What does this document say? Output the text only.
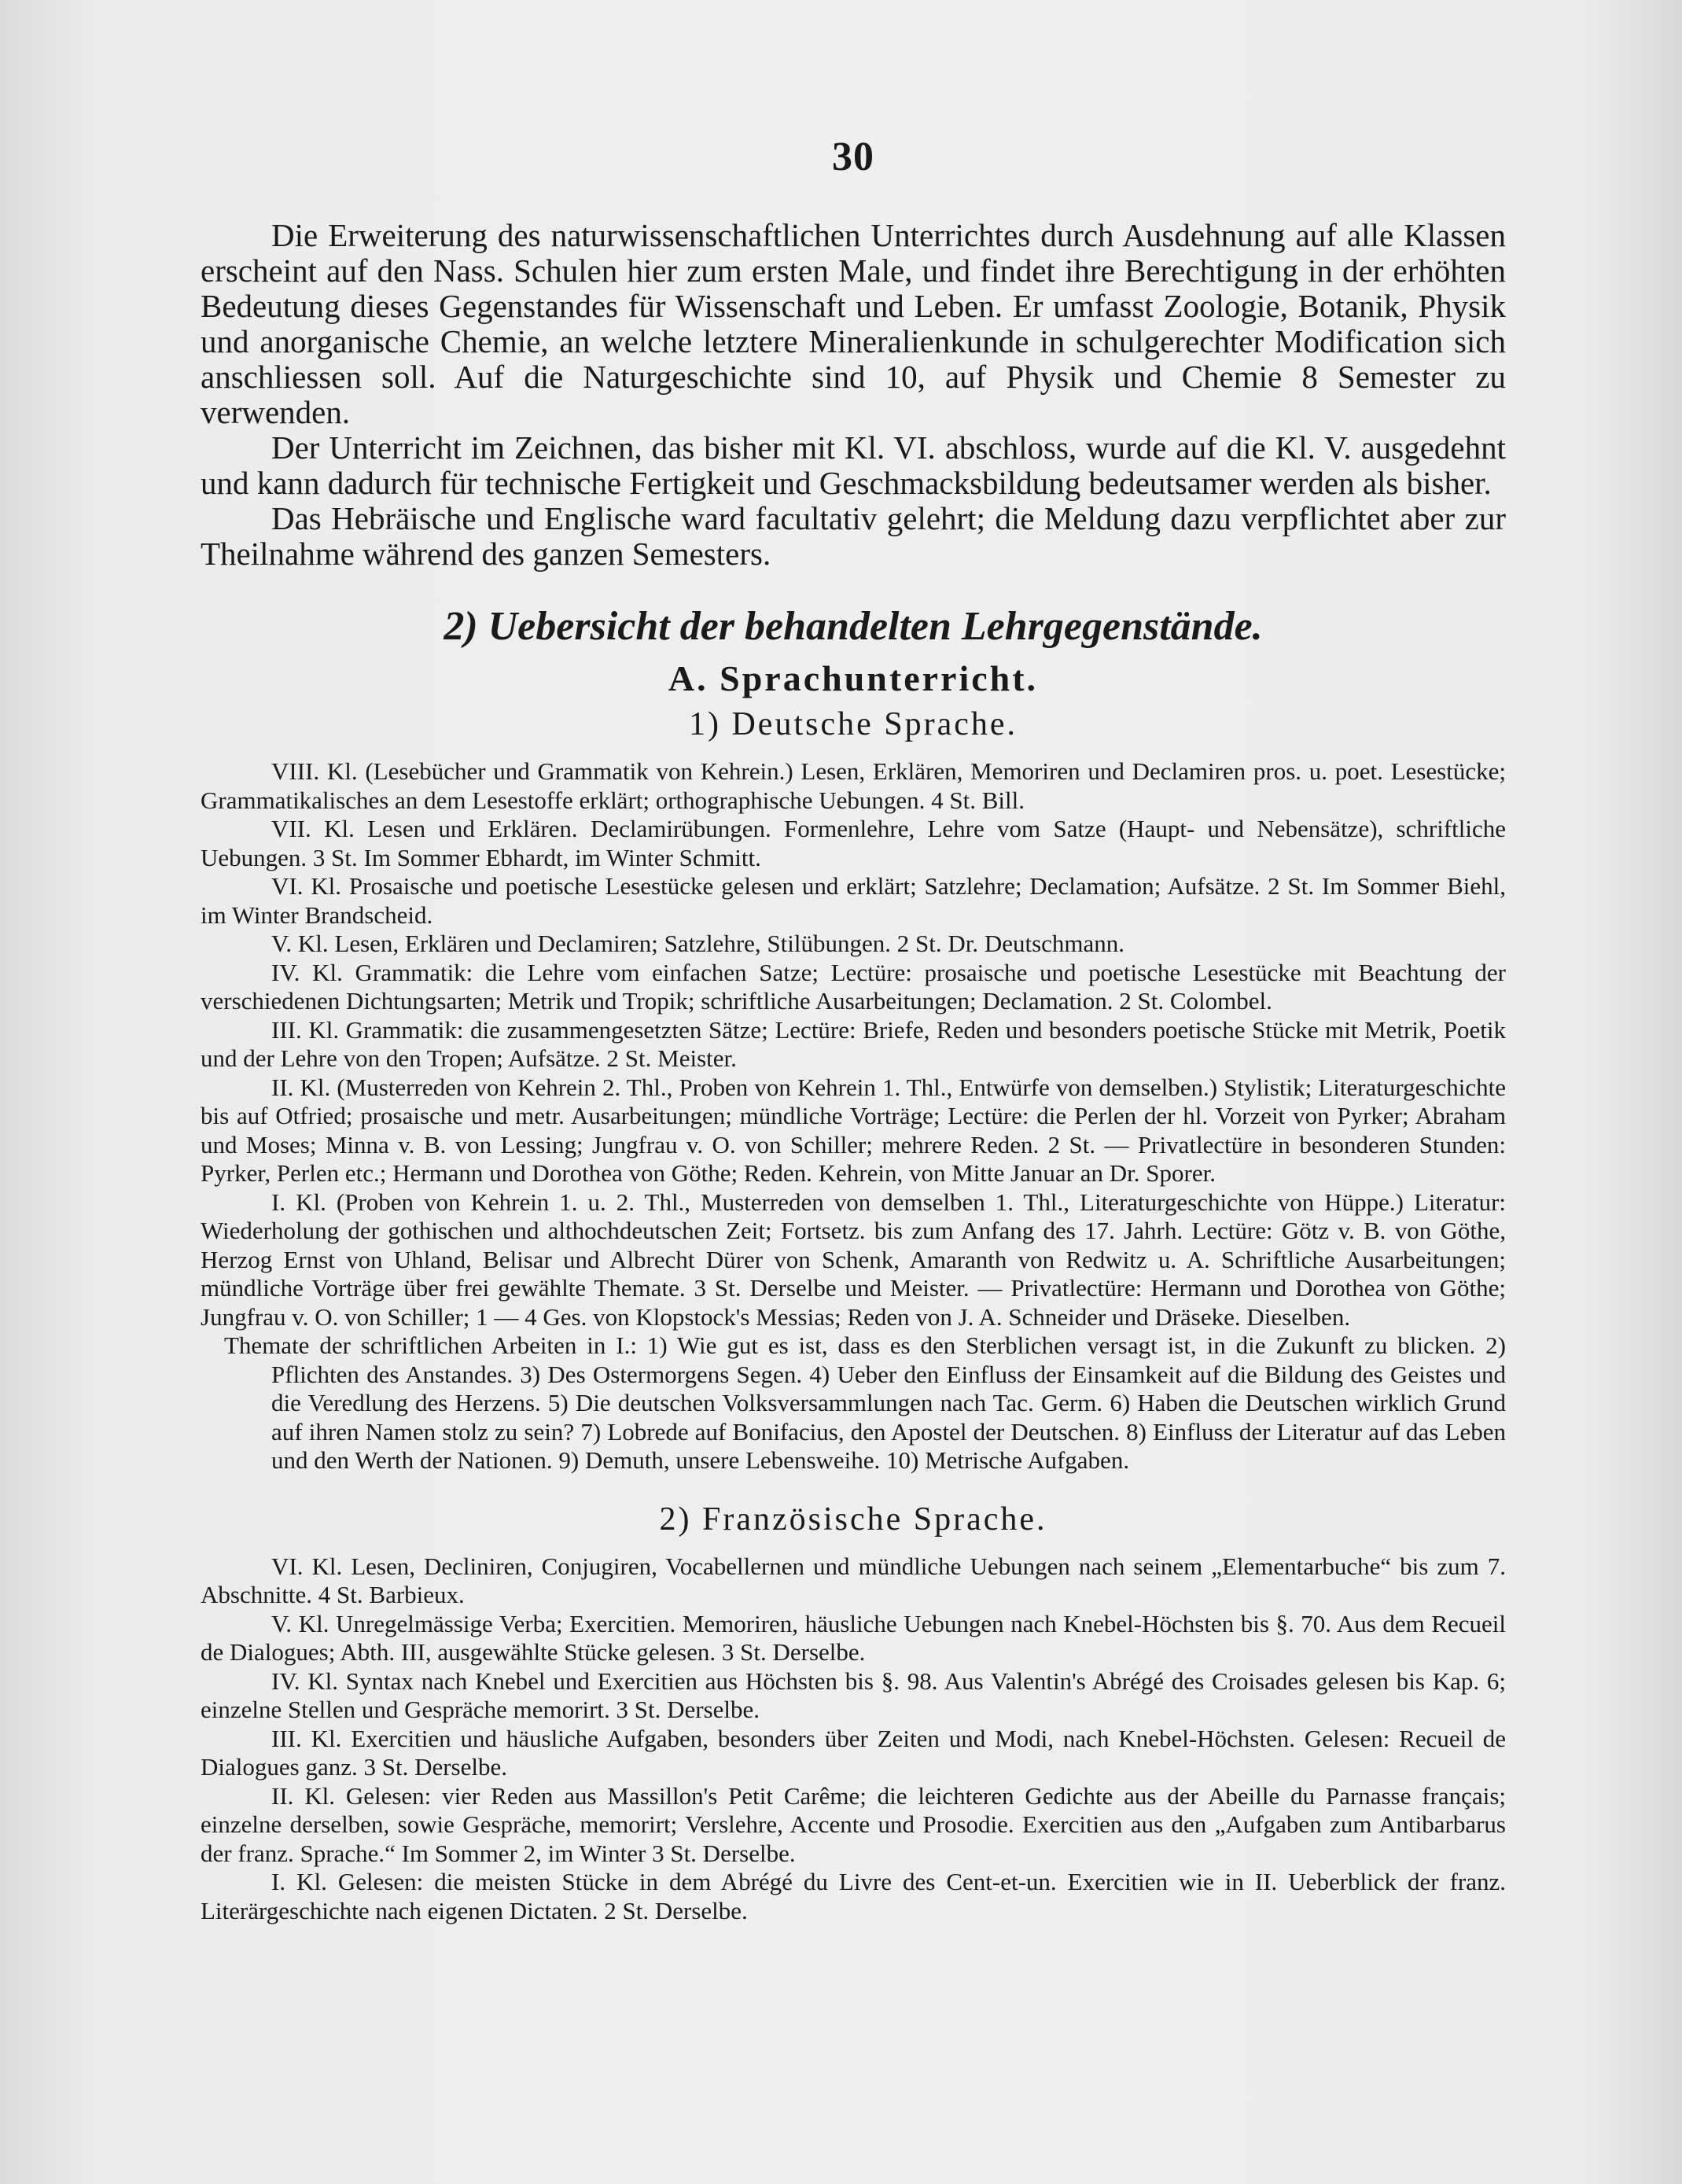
30

Die Erweiterung des naturwissenschaftlichen Unterrichtes durch Ausdehnung auf alle Klassen erscheint auf den Nass. Schulen hier zum ersten Male, und findet ihre Berechtigung in der erhöhten Bedeutung dieses Gegenstandes für Wissenschaft und Leben. Er umfasst Zoologie, Botanik, Physik und anorganische Chemie, an welche letztere Mineralienkunde in schulgerechter Modification sich anschliessen soll. Auf die Naturgeschichte sind 10, auf Physik und Chemie 8 Semester zu verwenden.

Der Unterricht im Zeichnen, das bisher mit Kl. VI. abschloss, wurde auf die Kl. V. ausgedehnt und kann dadurch für technische Fertigkeit und Geschmacksbildung bedeutsamer werden als bisher.

Das Hebräische und Englische ward facultativ gelehrt; die Meldung dazu verpflichtet aber zur Theilnahme während des ganzen Semesters.

2) Uebersicht der behandelten Lehrgegenstände.
A. Sprachunterricht.
1) Deutsche Sprache.

VIII. Kl. (Lesebücher und Grammatik von Kehrein.) Lesen, Erklären, Memoriren und Declamiren pros. u. poet. Lesestücke; Grammatikalisches an dem Lesestoffe erklärt; orthographische Uebungen. 4 St. Bill.

VII. Kl. Lesen und Erklären. Declamirübungen. Formenlehre, Lehre vom Satze (Haupt- und Nebensätze), schriftliche Uebungen. 3 St. Im Sommer Ebhardt, im Winter Schmitt.

VI. Kl. Prosaische und poetische Lesestücke gelesen und erklärt; Satzlehre; Declamation; Aufsätze. 2 St. Im Sommer Biehl, im Winter Brandscheid.

V. Kl. Lesen, Erklären und Declamiren; Satzlehre, Stilübungen. 2 St. Dr. Deutschmann.

IV. Kl. Grammatik: die Lehre vom einfachen Satze; Lectüre: prosaische und poetische Lesestücke mit Beachtung der verschiedenen Dichtungsarten; Metrik und Tropik; schriftliche Ausarbeitungen; Declamation. 2 St. Colombel.

III. Kl. Grammatik: die zusammengesetzten Sätze; Lectüre: Briefe, Reden und besonders poetische Stücke mit Metrik, Poetik und der Lehre von den Tropen; Aufsätze. 2 St. Meister.

II. Kl. (Musterreden von Kehrein 2. Thl., Proben von Kehrein 1. Thl., Entwürfe von demselben.) Stylistik; Literaturgeschichte bis auf Otfried; prosaische und metr. Ausarbeitungen; mündliche Vorträge; Lectüre: die Perlen der hl. Vorzeit von Pyrker; Abraham und Moses; Minna v. B. von Lessing; Jungfrau v. O. von Schiller; mehrere Reden. 2 St. — Privatlectüre in besonderen Stunden: Pyrker, Perlen etc.; Hermann und Dorothea von Göthe; Reden. Kehrein, von Mitte Januar an Dr. Sporer.

I. Kl. (Proben von Kehrein 1. u. 2. Thl., Musterreden von demselben 1. Thl., Literaturgeschichte von Hüppe.) Literatur: Wiederholung der gothischen und althochdeutschen Zeit; Fortsetz. bis zum Anfang des 17. Jahrh. Lectüre: Götz v. B. von Göthe, Herzog Ernst von Uhland, Belisar und Albrecht Dürer von Schenk, Amaranth von Redwitz u. A. Schriftliche Ausarbeitungen; mündliche Vorträge über frei gewählte Themate. 3 St. Derselbe und Meister. — Privatlectüre: Hermann und Dorothea von Göthe; Jungfrau v. O. von Schiller; 1 — 4 Ges. von Klopstock's Messias; Reden von J. A. Schneider und Dräseke. Dieselben.

Themate der schriftlichen Arbeiten in I.: 1) Wie gut es ist, dass es den Sterblichen versagt ist, in die Zukunft zu blicken. 2) Pflichten des Anstandes. 3) Des Ostermorgens Segen. 4) Ueber den Einfluss der Einsamkeit auf die Bildung des Geistes und die Veredlung des Herzens. 5) Die deutschen Volksversammlungen nach Tac. Germ. 6) Haben die Deutschen wirklich Grund auf ihren Namen stolz zu sein? 7) Lobrede auf Bonifacius, den Apostel der Deutschen. 8) Einfluss der Literatur auf das Leben und den Werth der Nationen. 9) Demuth, unsere Lebensweihe. 10) Metrische Aufgaben.

2) Französische Sprache.

VI. Kl. Lesen, Decliniren, Conjugiren, Vocabellernen und mündliche Uebungen nach seinem „Elementarbuche“ bis zum 7. Abschnitte. 4 St. Barbieux.

V. Kl. Unregelmässige Verba; Exercitien. Memoriren, häusliche Uebungen nach Knebel-Höchsten bis §. 70. Aus dem Recueil de Dialogues; Abth. III, ausgewählte Stücke gelesen. 3 St. Derselbe.

IV. Kl. Syntax nach Knebel und Exercitien aus Höchsten bis §. 98. Aus Valentin's Abrégé des Croisades gelesen bis Kap. 6; einzelne Stellen und Gespräche memorirt. 3 St. Derselbe.

III. Kl. Exercitien und häusliche Aufgaben, besonders über Zeiten und Modi, nach Knebel-Höchsten. Gelesen: Recueil de Dialogues ganz. 3 St. Derselbe.

II. Kl. Gelesen: vier Reden aus Massillon's Petit Carême; die leichteren Gedichte aus der Abeille du Parnasse français; einzelne derselben, sowie Gespräche, memorirt; Verslehre, Accente und Prosodie. Exercitien aus den „Aufgaben zum Antibarbarus der franz. Sprache.“ Im Sommer 2, im Winter 3 St. Derselbe.

I. Kl. Gelesen: die meisten Stücke in dem Abrégé du Livre des Cent-et-un. Exercitien wie in II. Ueberblick der franz. Literärgeschichte nach eigenen Dictaten. 2 St. Derselbe.
